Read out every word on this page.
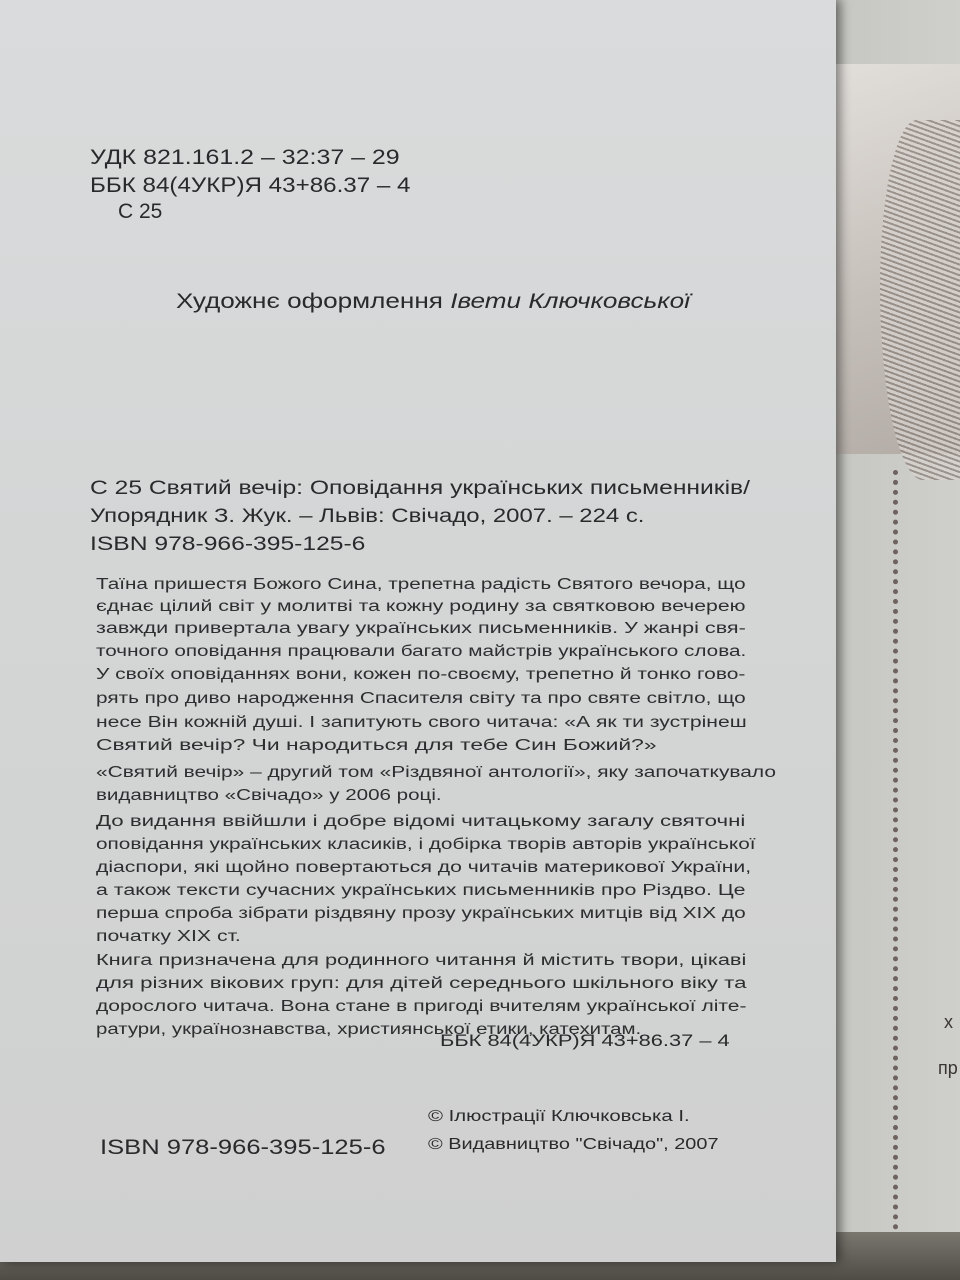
х
пр
УДК 821.161.2 – 32:37 – 29
ББК 84(4УКР)Я 43+86.37 – 4
С 25
Художнє оформлення Івети Ключковської
С 25 Святий вечір: Оповідання українських письменників/
Упорядник З. Жук. – Львів: Свічадо, 2007. – 224 с.
ISBN 978-966-395-125-6
Таїна пришестя Божого Сина, трепетна радість Святого вечора, що
єднає цілий світ у молитві та кожну родину за святковою вечерею
завжди привертала увагу українських письменників. У жанрі свя-
точного оповідання працювали багато майстрів українського слова.
У своїх оповіданнях вони, кожен по-своєму, трепетно й тонко гово-
рять про диво народження Спасителя світу та про святе світло, що
несе Він кожній душі. І запитують свого читача: «А як ти зустрінеш
Святий вечір? Чи народиться для тебе Син Божий?»
«Святий вечір» – другий том «Різдвяної антології», яку започаткувало
видавництво «Свічадо» у 2006 році.
До видання ввійшли і добре відомі читацькому загалу святочні
оповідання українських класиків, і добірка творів авторів української
діаспори, які щойно повертаються до читачів материкової України,
а також тексти сучасних українських письменників про Різдво. Це
перша спроба зібрати різдвяну прозу українських митців від XIX до
початку XIX ст.
Книга призначена для родинного читання й містить твори, цікаві
для різних вікових груп: для дітей середнього шкільного віку та
дорослого читача. Вона стане в пригоді вчителям української літе-
ратури, українознавства, християнської етики, катехитам.
ББК 84(4УКР)Я 43+86.37 – 4
ISBN 978-966-395-125-6
© Ілюстрації Ключковська І.
© Видавництво "Свічадо", 2007
